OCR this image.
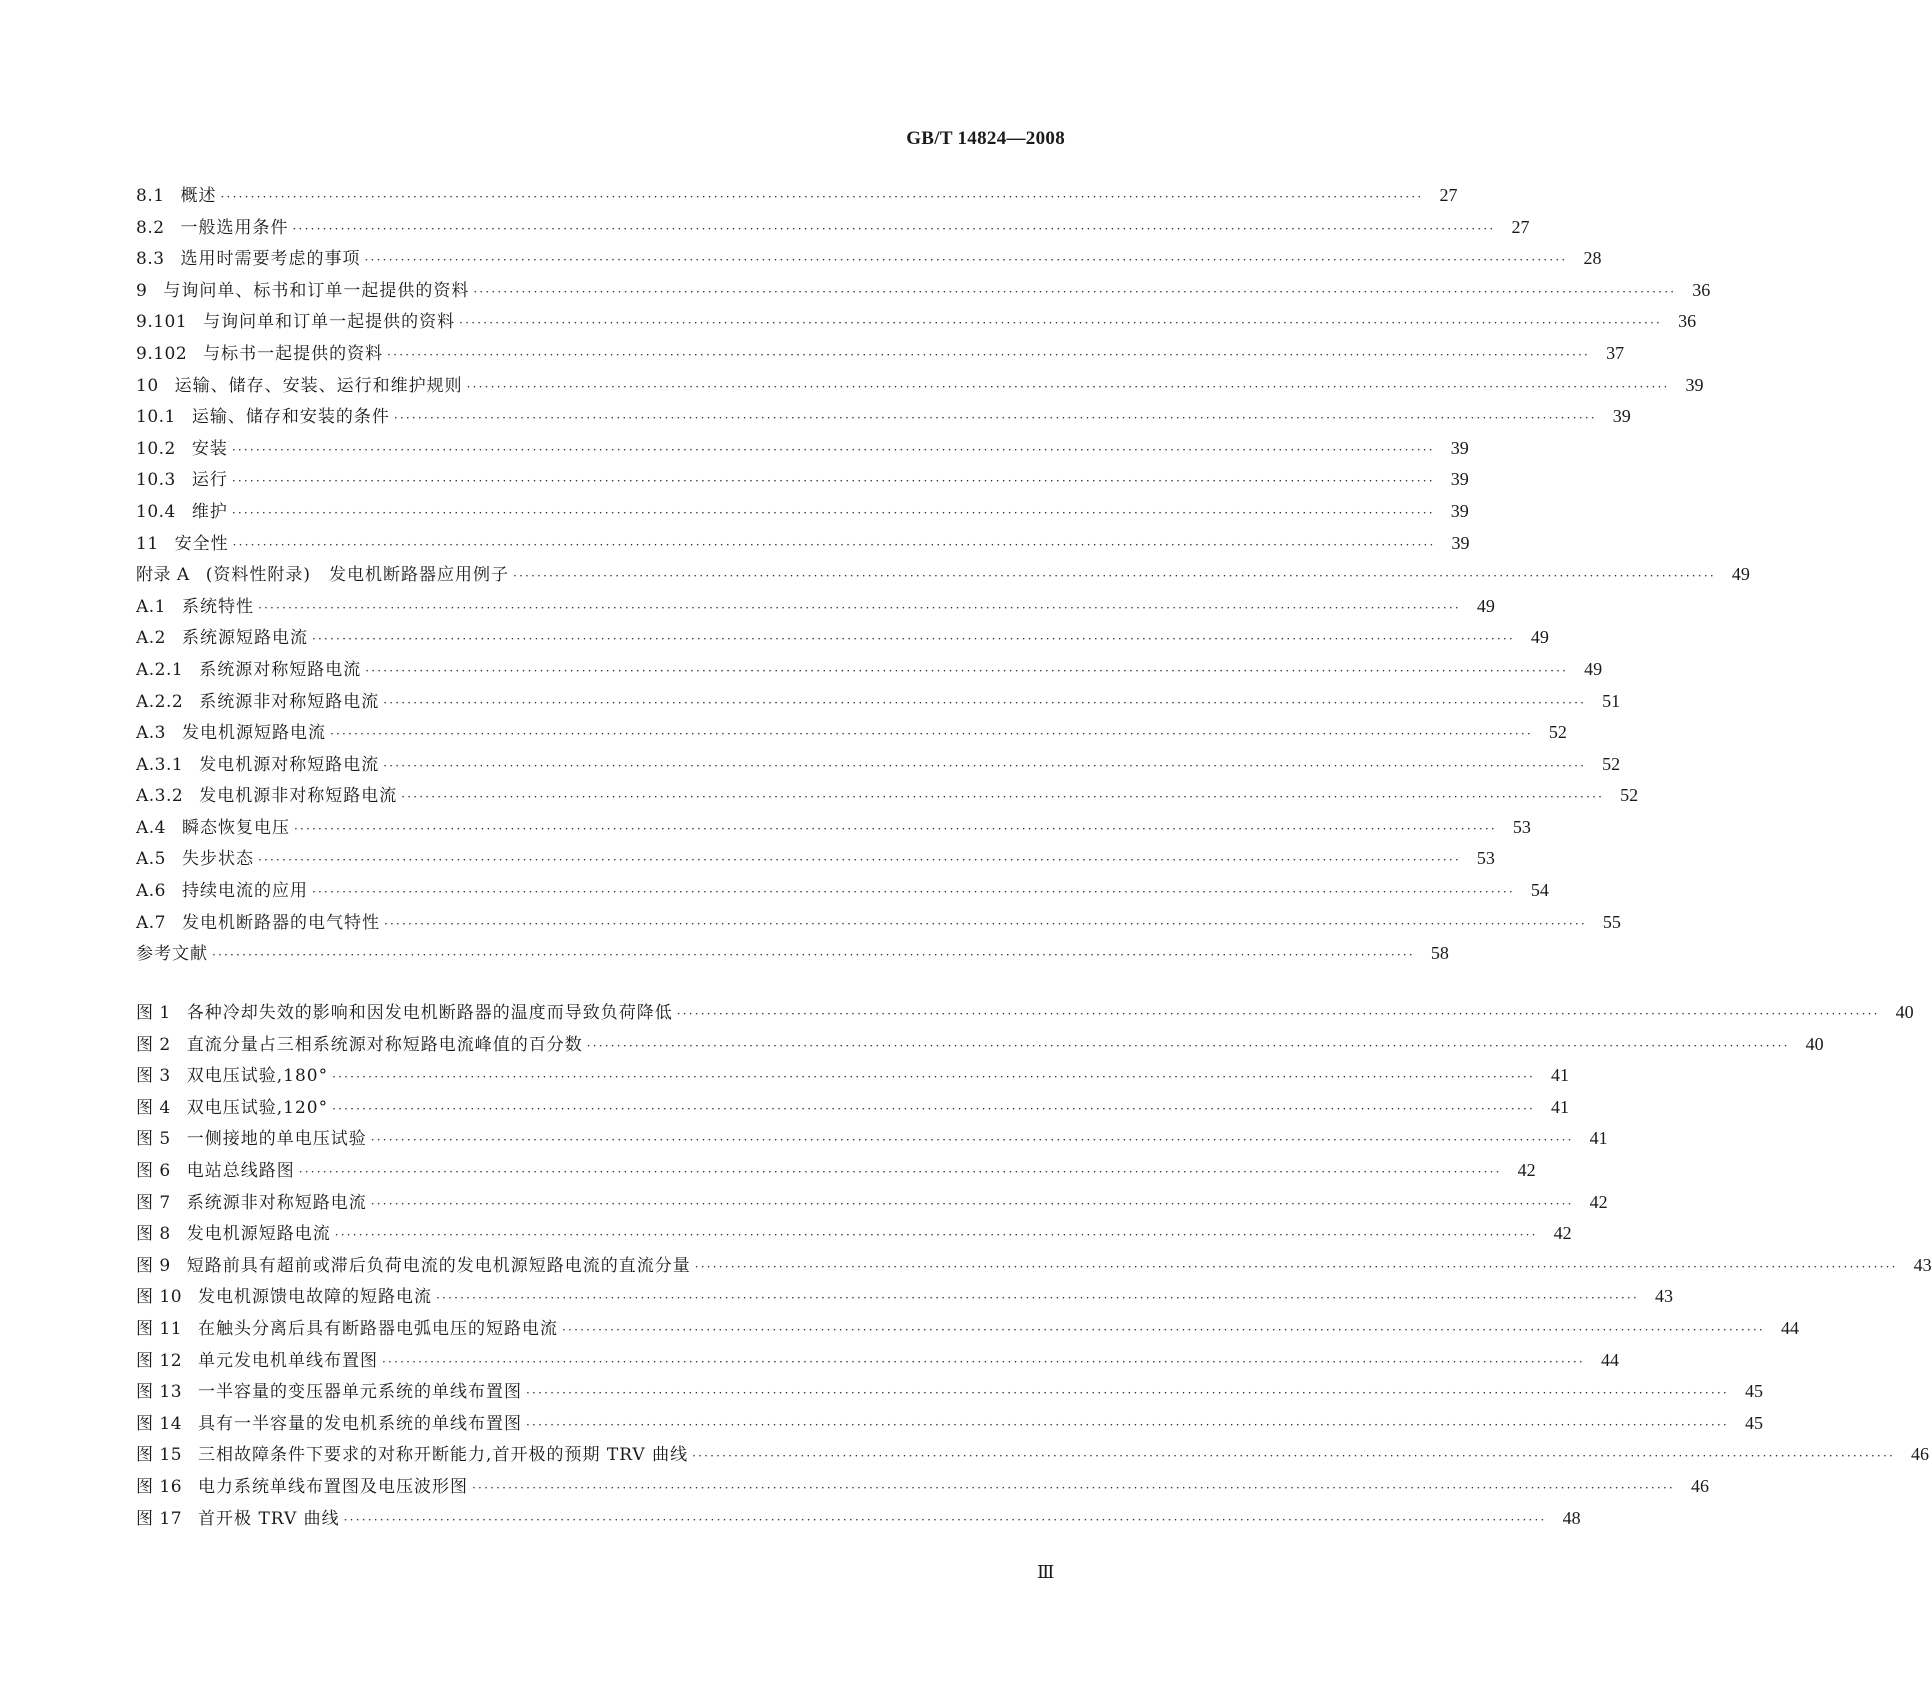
GB/T 14824—2008
8.1 概述 ········································································································································································································ 27
8.2 一般选用条件 ········································································································································································································ 27
8.3 选用时需要考虑的事项 ········································································································································································································ 28
9 与询问单、标书和订单一起提供的资料 ········································································································································································································ 36
9.101 与询问单和订单一起提供的资料 ········································································································································································································ 36
9.102 与标书一起提供的资料 ········································································································································································································ 37
10 运输、储存、安装、运行和维护规则 ········································································································································································································ 39
10.1 运输、储存和安装的条件 ········································································································································································································ 39
10.2 安装 ········································································································································································································ 39
10.3 运行 ········································································································································································································ 39
10.4 维护 ········································································································································································································ 39
11 安全性 ········································································································································································································ 39
附录 A (资料性附录)　发电机断路器应用例子 ········································································································································································································ 49
A.1 系统特性 ········································································································································································································ 49
A.2 系统源短路电流 ········································································································································································································ 49
A.2.1 系统源对称短路电流 ········································································································································································································ 49
A.2.2 系统源非对称短路电流 ········································································································································································································ 51
A.3 发电机源短路电流 ········································································································································································································ 52
A.3.1 发电机源对称短路电流 ········································································································································································································ 52
A.3.2 发电机源非对称短路电流 ········································································································································································································ 52
A.4 瞬态恢复电压 ········································································································································································································ 53
A.5 失步状态 ········································································································································································································ 53
A.6 持续电流的应用 ········································································································································································································ 54
A.7 发电机断路器的电气特性 ········································································································································································································ 55
参考文献 ········································································································································································································ 58
图 1 各种冷却失效的影响和因发电机断路器的温度而导致负荷降低 ········································································································································································································ 40
图 2 直流分量占三相系统源对称短路电流峰值的百分数 ········································································································································································································ 40
图 3 双电压试验,180° ········································································································································································································ 41
图 4 双电压试验,120° ········································································································································································································ 41
图 5 一侧接地的单电压试验 ········································································································································································································ 41
图 6 电站总线路图 ········································································································································································································ 42
图 7 系统源非对称短路电流 ········································································································································································································ 42
图 8 发电机源短路电流 ········································································································································································································ 42
图 9 短路前具有超前或滞后负荷电流的发电机源短路电流的直流分量 ········································································································································································································ 43
图 10 发电机源馈电故障的短路电流 ········································································································································································································ 43
图 11 在触头分离后具有断路器电弧电压的短路电流 ········································································································································································································ 44
图 12 单元发电机单线布置图 ········································································································································································································ 44
图 13 一半容量的变压器单元系统的单线布置图 ········································································································································································································ 45
图 14 具有一半容量的发电机系统的单线布置图 ········································································································································································································ 45
图 15 三相故障条件下要求的对称开断能力,首开极的预期 TRV 曲线 ········································································································································································································ 46
图 16 电力系统单线布置图及电压波形图 ········································································································································································································ 46
图 17 首开极 TRV 曲线 ········································································································································································································ 48
Ⅲ
